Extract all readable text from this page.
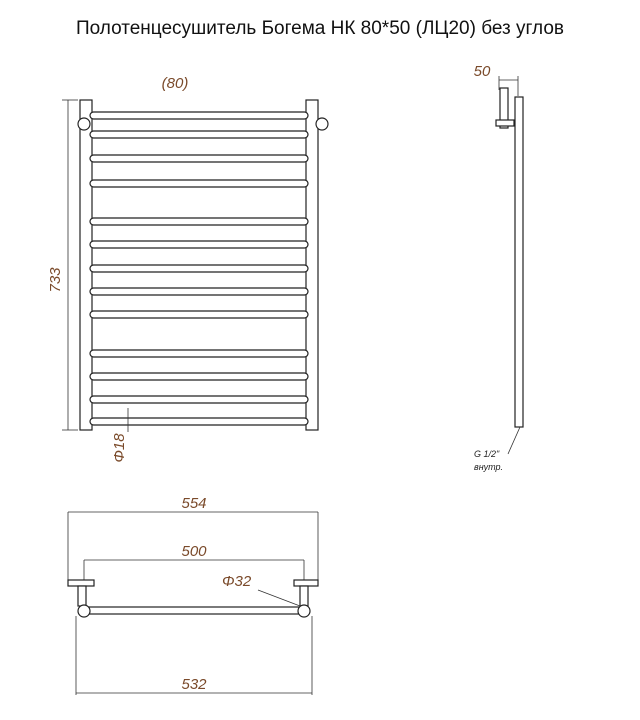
Полотенцесушитель Богема НК 80*50 (ЛЦ20) без углов
733
(80)
Φ18
50
G 1/2"
внутр.
554
500
Φ32
532
